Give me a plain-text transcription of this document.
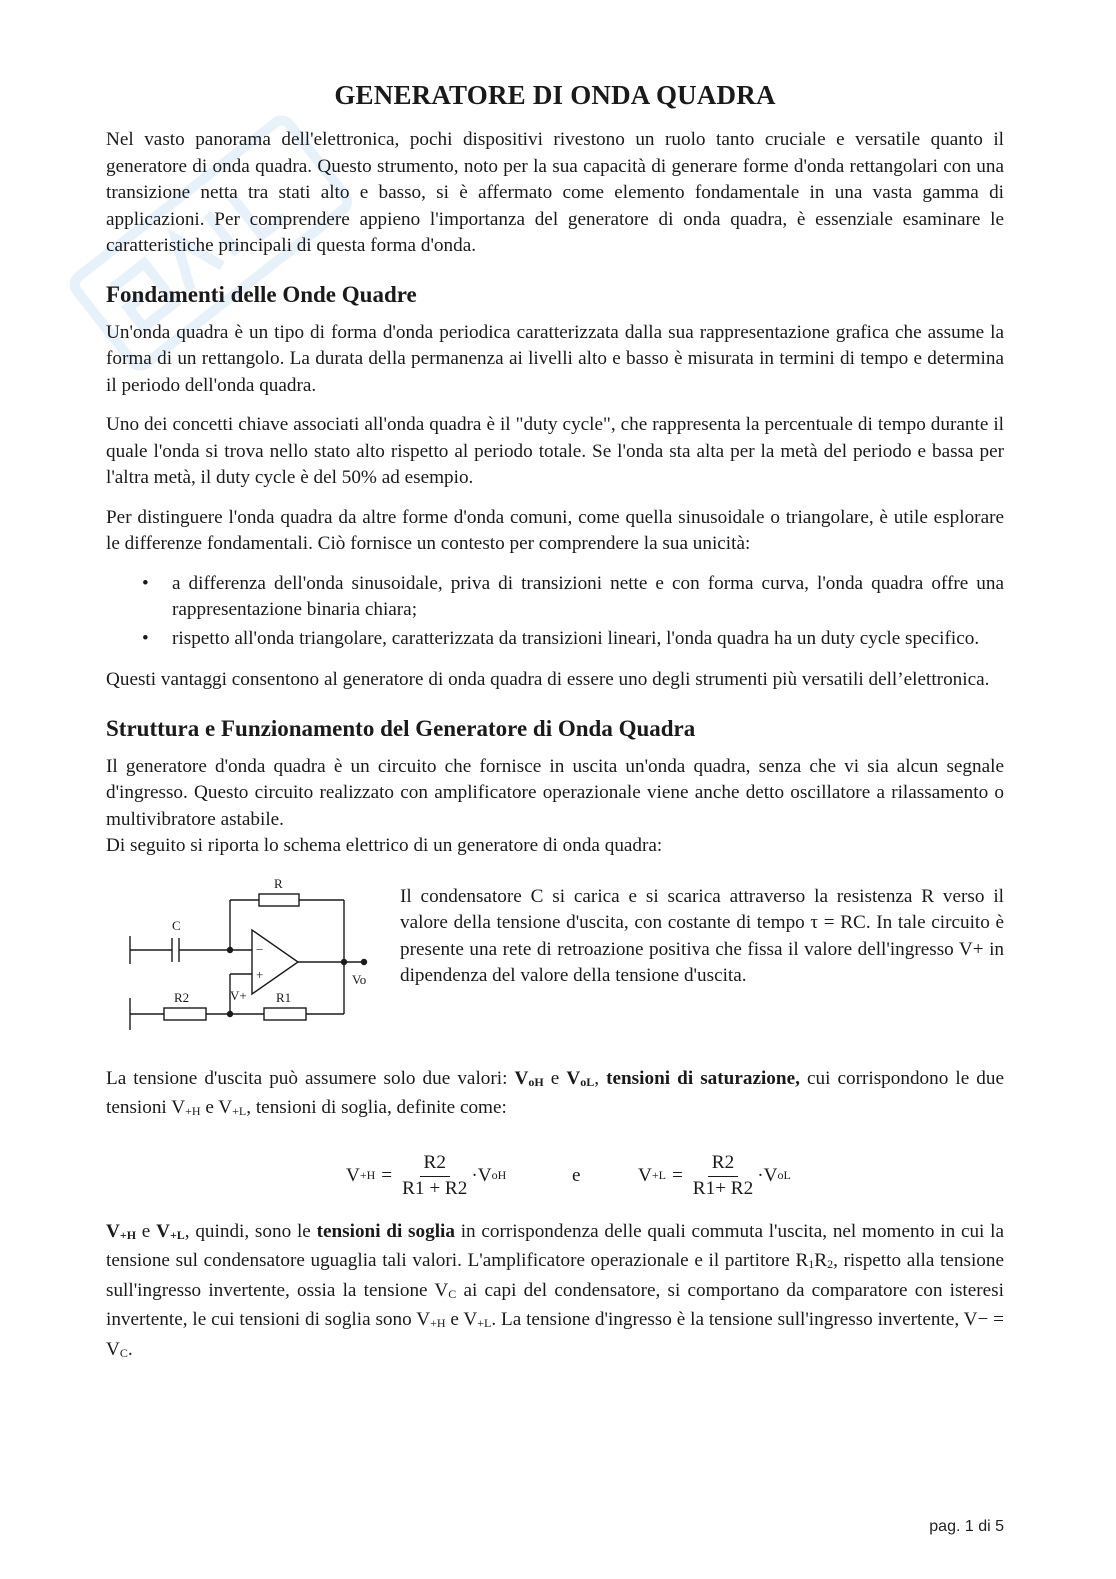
GENERATORE DI ONDA QUADRA

Nel vasto panorama dell'elettronica, pochi dispositivi rivestono un ruolo tanto cruciale e versatile quanto il generatore di onda quadra. Questo strumento, noto per la sua capacità di generare forme d'onda rettangolari con una transizione netta tra stati alto e basso, si è affermato come elemento fondamentale in una vasta gamma di applicazioni. Per comprendere appieno l'importanza del generatore di onda quadra, è essenziale esaminare le caratteristiche principali di questa forma d'onda.

Fondamenti delle Onde Quadre

Un'onda quadra è un tipo di forma d'onda periodica caratterizzata dalla sua rappresentazione grafica che assume la forma di un rettangolo. La durata della permanenza ai livelli alto e basso è misurata in termini di tempo e determina il periodo dell'onda quadra.

Uno dei concetti chiave associati all'onda quadra è il "duty cycle", che rappresenta la percentuale di tempo durante il quale l'onda si trova nello stato alto rispetto al periodo totale. Se l'onda sta alta per la metà del periodo e bassa per l'altra metà, il duty cycle è del 50% ad esempio.

Per distinguere l'onda quadra da altre forme d'onda comuni, come quella sinusoidale o triangolare, è utile esplorare le differenze fondamentali. Ciò fornisce un contesto per comprendere la sua unicità:

• a differenza dell'onda sinusoidale, priva di transizioni nette e con forma curva, l'onda quadra offre una rappresentazione binaria chiara;
• rispetto all'onda triangolare, caratterizzata da transizioni lineari, l'onda quadra ha un duty cycle specifico.

Questi vantaggi consentono al generatore di onda quadra di essere uno degli strumenti più versatili dell’elettronica.

Struttura e Funzionamento del Generatore di Onda Quadra

Il generatore d'onda quadra è un circuito che fornisce in uscita un'onda quadra, senza che vi sia alcun segnale d'ingresso. Questo circuito realizzato con amplificatore operazionale viene anche detto oscillatore a rilassamento o multivibratore astabile.

Di seguito si riporta lo schema elettrico di un generatore di onda quadra:

R
C
−
+
V+
Vo
R2	R1

Il condensatore C si carica e si scarica attraverso la resistenza R verso il valore della tensione d'uscita, con costante di tempo τ = RC. In tale circuito è presente una rete di retroazione positiva che fissa il valore dell'ingresso V+ in dipendenza del valore della tensione d'uscita.

La tensione d'uscita può assumere solo due valori: VoH e VoL, tensioni di saturazione, cui corrispondono le due tensioni V+H e V+L, tensioni di soglia, definite come:

$V +H = \frac{R2}{R1 + R2} \cdot V$ oH	e	$V +L = \frac{R2}{R1+ R2} \cdot V$ oL

V+H e V+L, quindi, sono le tensioni di soglia in corrispondenza delle quali commuta l'uscita, nel momento in cui la tensione sul condensatore uguaglia tali valori. L'amplificatore operazionale e il partitore R1R2, rispetto alla tensione sull'ingresso invertente, ossia la tensione VC ai capi del condensatore, si comportano da comparatore con isteresi invertente, le cui tensioni di soglia sono V+H e V+L. La tensione d'ingresso è la tensione sull'ingresso invertente, V− = VC.

pag. 1 di 5
